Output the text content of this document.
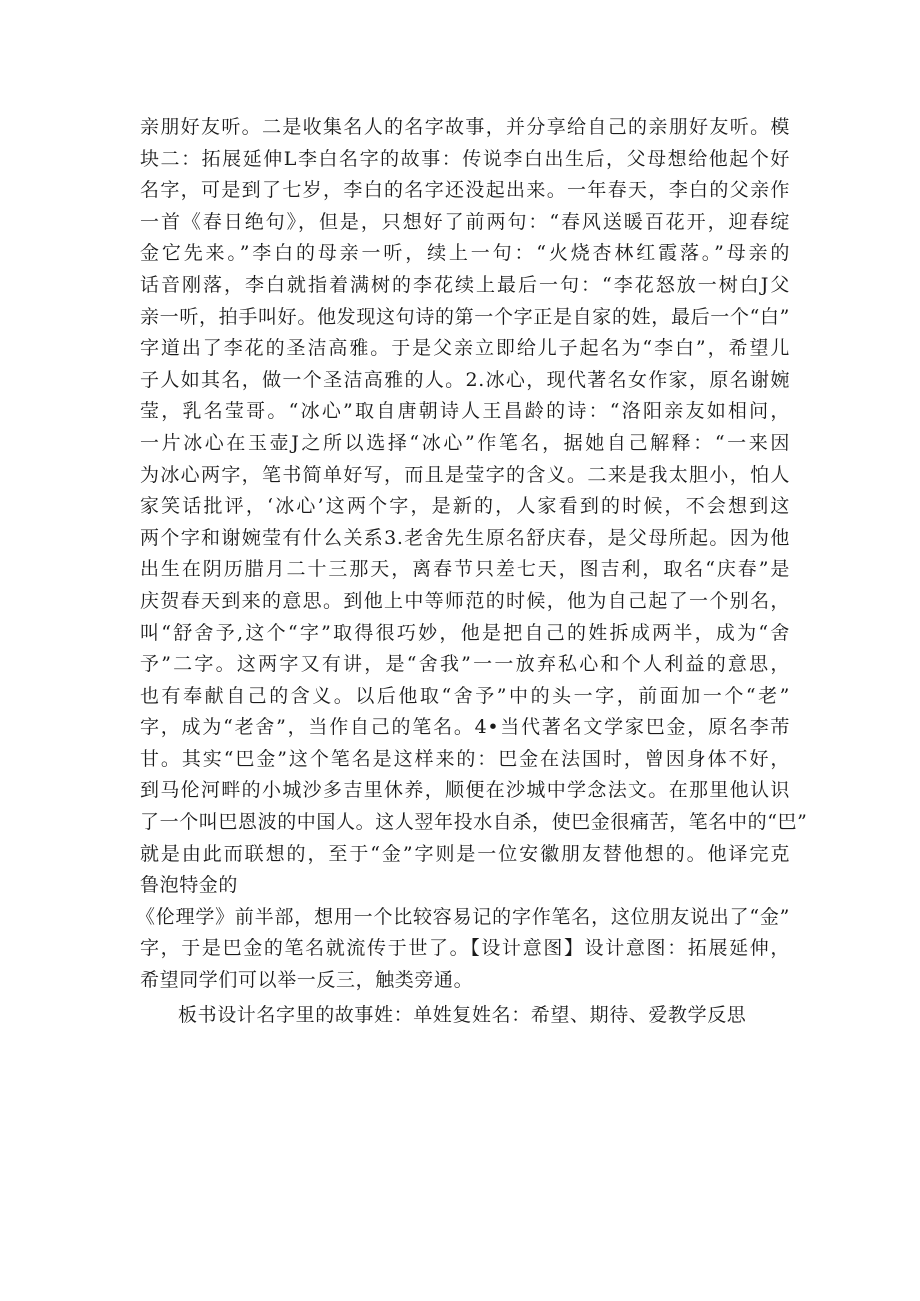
亲朋好友听。二是收集名人的名字故事，并分享给自己的亲朋好友听。模
块二：拓展延伸L李白名字的故事：传说李白出生后，父母想给他起个好
名字，可是到了七岁，李白的名字还没起出来。一年春天，李白的父亲作
一首《春日绝句》，但是，只想好了前两句：“春风送暖百花开，迎春绽
金它先来。”李白的母亲一听，续上一句：“火烧杏林红霞落。”母亲的
话音刚落，李白就指着满树的李花续上最后一句：“李花怒放一树白J父
亲一听，拍手叫好。他发现这句诗的第一个字正是自家的姓，最后一个“白”
字道出了李花的圣洁高雅。于是父亲立即给儿子起名为“李白”，希望儿
子人如其名，做一个圣洁高雅的人。2.冰心，现代著名女作家，原名谢婉
莹，乳名莹哥。“冰心”取自唐朝诗人王昌龄的诗：“洛阳亲友如相问，
一片冰心在玉壶J之所以选择“冰心”作笔名，据她自己解释：“一来因
为冰心两字，笔书简单好写，而且是莹字的含义。二来是我太胆小，怕人
家笑话批评，‘冰心’这两个字，是新的，人家看到的时候，不会想到这
两个字和谢婉莹有什么关系3.老舍先生原名舒庆春，是父母所起。因为他
出生在阴历腊月二十三那天，离春节只差七天，图吉利，取名“庆春”是
庆贺春天到来的意思。到他上中等师范的时候，他为自己起了一个别名，
叫“舒舍予,这个“字”取得很巧妙，他是把自己的姓拆成两半，成为“舍
予”二字。这两字又有讲，是“舍我”一一放弃私心和个人利益的意思，
也有奉献自己的含义。以后他取“舍予”中的头一字，前面加一个“老”
字，成为“老舍”，当作自己的笔名。4•当代著名文学家巴金，原名李芾
甘。其实“巴金”这个笔名是这样来的：巴金在法国时，曾因身体不好，
到马伦河畔的小城沙多吉里休养，顺便在沙城中学念法文。在那里他认识
了一个叫巴恩波的中国人。这人翌年投水自杀，使巴金很痛苦，笔名中的“巴”
就是由此而联想的，至于“金”字则是一位安徽朋友替他想的。他译完克
鲁泡特金的
《伦理学》前半部，想用一个比较容易记的字作笔名，这位朋友说出了“金”
字，于是巴金的笔名就流传于世了。【设计意图】设计意图：拓展延伸，
希望同学们可以举一反三，触类旁通。
板书设计名字里的故事姓：单姓复姓名：希望、期待、爱教学反思
